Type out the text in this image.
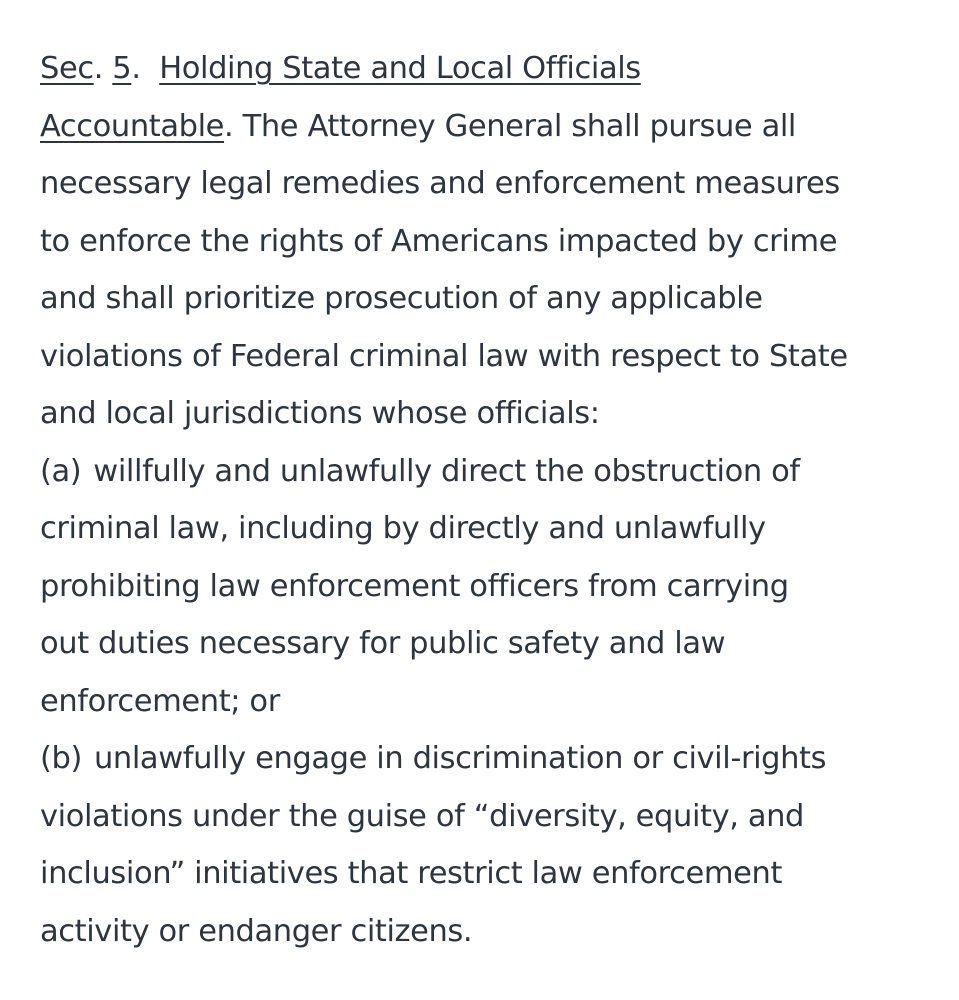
Sec. 5. Holding State and Local Officials
Accountable. The Attorney General shall pursue all
necessary legal remedies and enforcement measures
to enforce the rights of Americans impacted by crime
and shall prioritize prosecution of any applicable
violations of Federal criminal law with respect to State
and local jurisdictions whose officials:
(a) willfully and unlawfully direct the obstruction of
criminal law, including by directly and unlawfully
prohibiting law enforcement officers from carrying
out duties necessary for public safety and law
enforcement; or
(b) unlawfully engage in discrimination or civil-rights
violations under the guise of “diversity, equity, and
inclusion” initiatives that restrict law enforcement
activity or endanger citizens.
